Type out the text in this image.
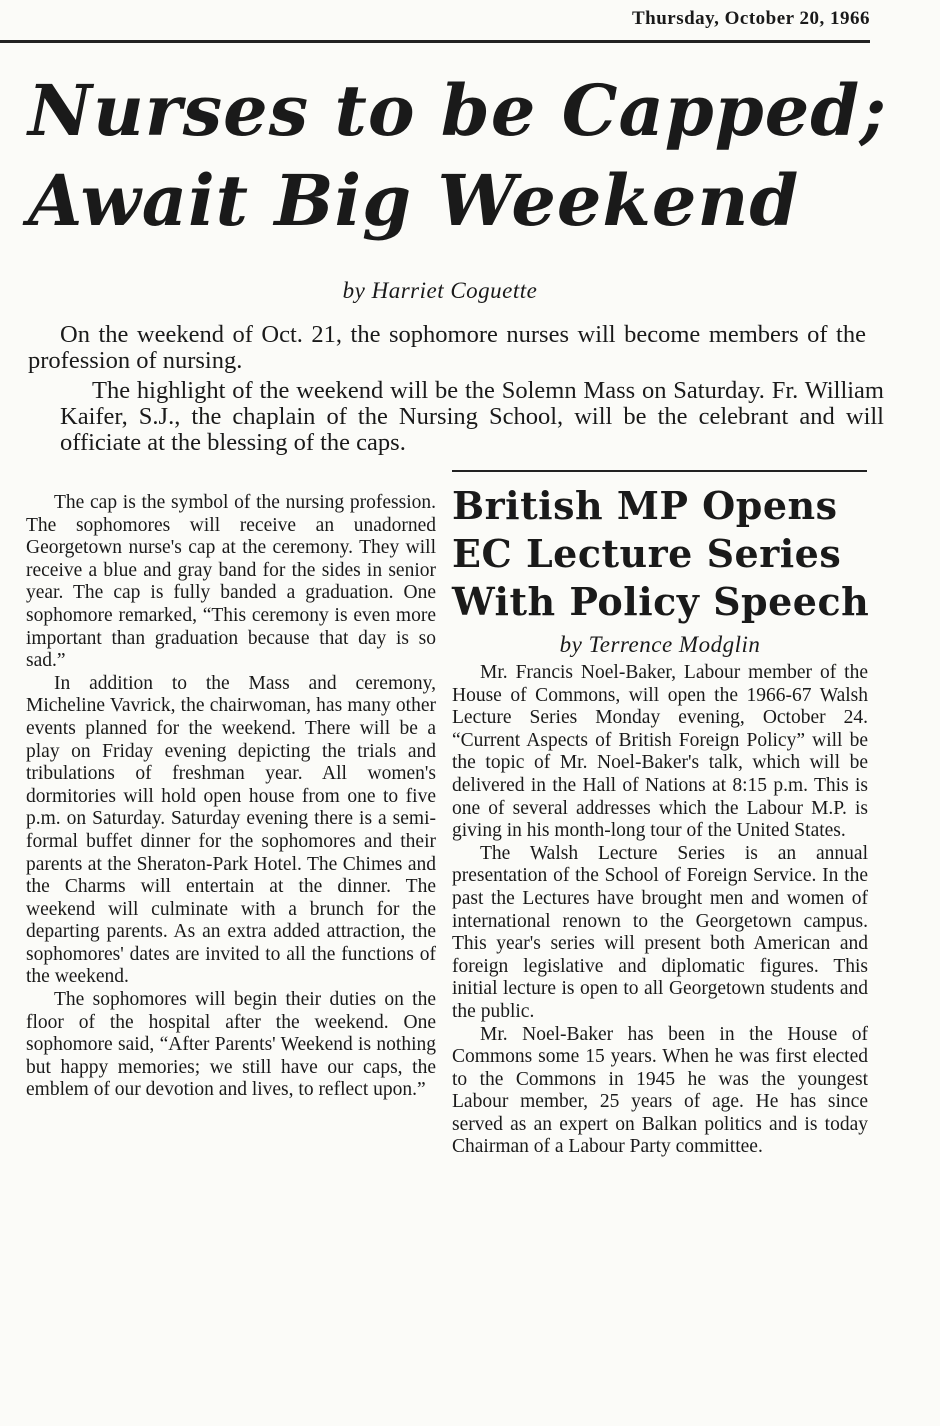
Thursday, October 20, 1966
Nurses to be Capped;
Await Big Weekend
by Harriet Coguette

On the weekend of Oct. 21, the sophomore nurses will become members of the profession of nursing.

The highlight of the weekend will be the Solemn Mass on Saturday. Fr. William Kaifer, S.J., the chaplain of the Nursing School, will be the celebrant and will officiate at the blessing of the caps.

The cap is the symbol of the nursing profession. The sophomores will receive an unadorned Georgetown nurse's cap at the ceremony. They will receive a blue and gray band for the sides in senior year. The cap is fully banded a graduation. One sophomore remarked, “This ceremony is even more important than graduation because that day is so sad.”

In addition to the Mass and ceremony, Micheline Vavrick, the chairwoman, has many other events planned for the weekend. There will be a play on Friday evening depicting the trials and tribulations of freshman year. All women's dormitories will hold open house from one to five p.m. on Saturday. Saturday evening there is a semi-formal buffet dinner for the sophomores and their parents at the Sheraton-Park Hotel. The Chimes and the Charms will entertain at the dinner. The weekend will culminate with a brunch for the departing parents. As an extra added attraction, the sophomores' dates are invited to all the functions of the weekend.

The sophomores will begin their duties on the floor of the hospital after the weekend. One sophomore said, “After Parents' Weekend is nothing but happy memories; we still have our caps, the emblem of our devotion and lives, to reflect upon.”

British MP Opens
EC Lecture Series
With Policy Speech
by Terrence Modglin

Mr. Francis Noel-Baker, Labour member of the House of Commons, will open the 1966-67 Walsh Lecture Series Monday evening, October 24. “Current Aspects of British Foreign Policy” will be the topic of Mr. Noel-Baker's talk, which will be delivered in the Hall of Nations at 8:15 p.m. This is one of several addresses which the Labour M.P. is giving in his month-long tour of the United States.

The Walsh Lecture Series is an annual presentation of the School of Foreign Service. In the past the Lectures have brought men and women of international renown to the Georgetown campus. This year's series will present both American and foreign legislative and diplomatic figures. This initial lecture is open to all Georgetown students and the public.

Mr. Noel-Baker has been in the House of Commons some 15 years. When he was first elected to the Commons in 1945 he was the youngest Labour member, 25 years of age. He has since served as an expert on Balkan politics and is today Chairman of a Labour Party committee.
